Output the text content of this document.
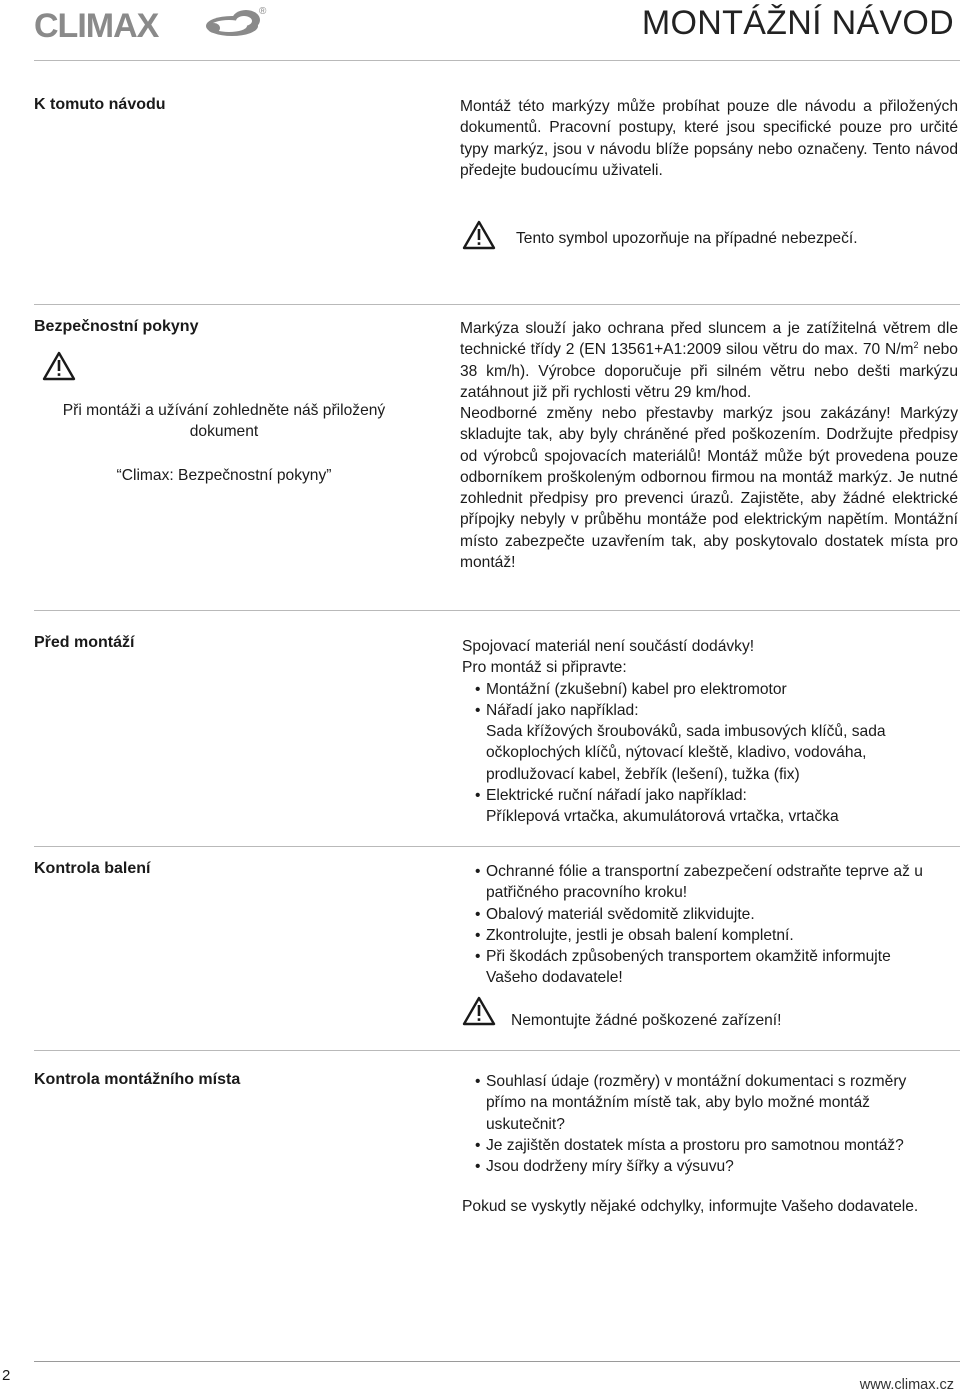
CLIMAX	®	MONTÁŽNÍ NÁVOD
K tomuto návodu	Montáž této markýzy může probíhat pouze dle návodu a přiložených dokumentů. Pracovní postupy, které jsou specifické pouze pro určité typy markýz, jsou v návodu blíže popsány nebo označeny. Tento návod předejte budoucímu uživateli.
Tento symbol upozorňuje na případné nebezpečí.
Bezpečnostní pokyny
Při montáži a užívání zohledněte náš přiložený dokument
“Climax: Bezpečnostní pokyny”
Markýza slouží jako ochrana před sluncem a je zatížitelná větrem dle technické třídy 2 (EN 13561+A1:2009 silou větru do max. 70 $N/m^2$ nebo 38 km/h). Výrobce doporučuje při silném větru nebo dešti markýzu zatáhnout již při rychlosti větru 29 km/hod.
Neodborné změny nebo přestavby markýz jsou zakázány! Markýzy skladujte tak, aby byly chráněné před poškozením. Dodržujte předpisy od výrobců spojovacích materiálů! Montáž může být provedena pouze odborníkem proškoleným odbornou firmou na montáž markýz. Je nutné zohlednit předpisy pro prevenci úrazů. Zajistěte, aby žádné elektrické přípojky nebyly v průběhu montáže pod elektrickým napětím. Montážní místo zabezpečte uzavřením tak, aby poskytovalo dostatek místa pro montáž!
Před montáží	Spojovací materiál není součástí dodávky!
Pro montáž si připravte:
• Montážní (zkušební) kabel pro elektromotor
• Nářadí jako například:
Sada křížových šroubováků, sada imbusových klíčů, sada očkoplochých klíčů, nýtovací kleště, kladivo, vodováha, prodlužovací kabel, žebřík (lešení), tužka (fix)
• Elektrické ruční nářadí jako například:
Příklepová vrtačka, akumulátorová vrtačka, vrtačka
Kontrola balení	• Ochranné fólie a transportní zabezpečení odstraňte teprve až u patřičného pracovního kroku!
• Obalový materiál svědomitě zlikvidujte.
• Zkontrolujte, jestli je obsah balení kompletní.
• Při škodách způsobených transportem okamžitě informujte Vašeho dodavatele!
Nemontujte žádné poškozené zařízení!
Kontrola montážního místa	• Souhlasí údaje (rozměry) v montážní dokumentaci s rozměry přímo na montážním místě tak, aby bylo možné montáž uskutečnit?
• Je zajištěn dostatek místa a prostoru pro samotnou montáž?
• Jsou dodrženy míry šířky a výsuvu?
Pokud se vyskytly nějaké odchylky, informujte Vašeho dodavatele.
2
www.climax.cz
